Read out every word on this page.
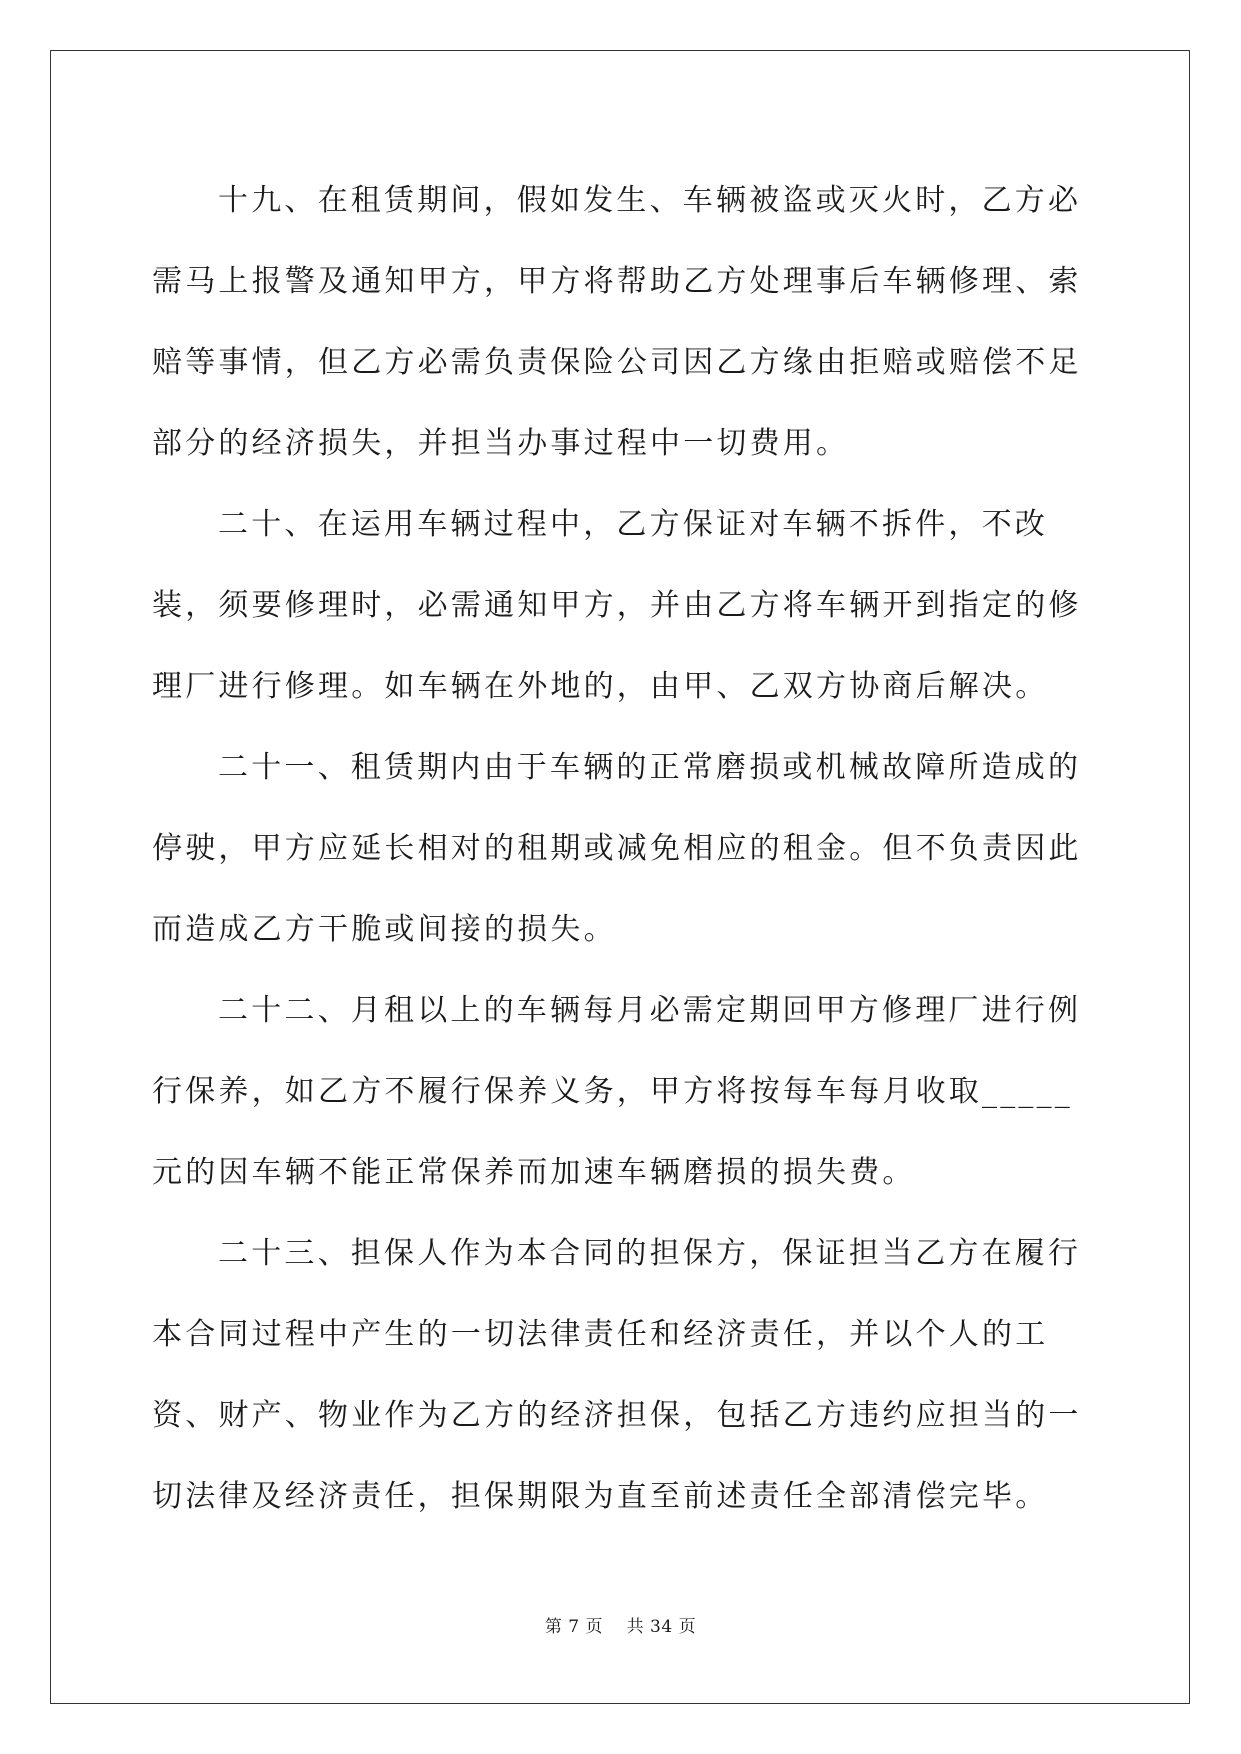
十九、在租赁期间，假如发生、车辆被盗或灭火时，乙方必需马上报警及通知甲方，甲方将帮助乙方处理事后车辆修理、索赔等事情，但乙方必需负责保险公司因乙方缘由拒赔或赔偿不足部分的经济损失，并担当办事过程中一切费用。

二十、在运用车辆过程中，乙方保证对车辆不拆件，不改装，须要修理时，必需通知甲方，并由乙方将车辆开到指定的修理厂进行修理。如车辆在外地的，由甲、乙双方协商后解决。

二十一、租赁期内由于车辆的正常磨损或机械故障所造成的停驶，甲方应延长相对的租期或减免相应的租金。但不负责因此而造成乙方干脆或间接的损失。

二十二、月租以上的车辆每月必需定期回甲方修理厂进行例行保养，如乙方不履行保养义务，甲方将按每车每月收取_____元的因车辆不能正常保养而加速车辆磨损的损失费。

二十三、担保人作为本合同的担保方，保证担当乙方在履行本合同过程中产生的一切法律责任和经济责任，并以个人的工资、财产、物业作为乙方的经济担保，包括乙方违约应担当的一切法律及经济责任，担保期限为直至前述责任全部清偿完毕。

第 7 页 共 34 页
